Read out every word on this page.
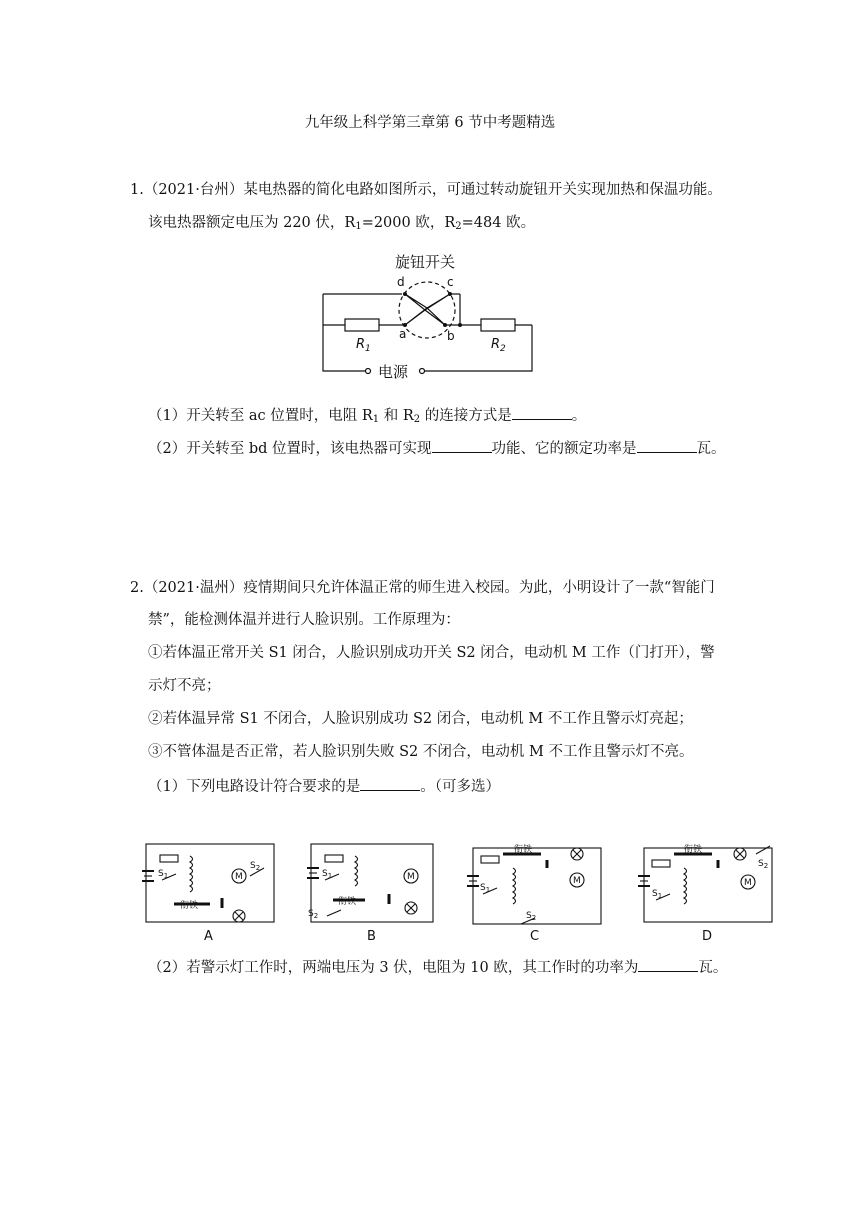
九年级上科学第三章第 6 节中考题精选
1.（2021·台州）某电热器的简化电路如图所示，可通过转动旋钮开关实现加热和保温功能。
该电热器额定电压为 220 伏，$R_1=2000$ 欧，$R_2=484$ 欧。
旋钮开关
d	c
a	b
$R_1$	$R_2$
电源
（1）开关转至 ac 位置时，电阻 $R_1$ 和 $R_2$ 的连接方式是	。
（2）开关转至 bd 位置时，该电热器可实现	功能、它的额定功率是	瓦。
2.（2021·温州）疫情期间只允许体温正常的师生进入校园。为此，小明设计了一款“智能门
禁”，能检测体温并进行人脸识别。工作原理为：
①若体温正常开关 S1 闭合，人脸识别成功开关 S2 闭合，电动机 M 工作（门打开），警
示灯不亮；
②若体温异常 S1 不闭合，人脸识别成功 S2 闭合，电动机 M 不工作且警示灯亮起；
③不管体温是否正常，若人脸识别失败 S2 不闭合，电动机 M 不工作且警示灯不亮。
（1）下列电路设计符合要求的是	。（可多选）
衔铁	衔铁
衔铁	衔铁
M	M	M	M
$S_2$
$S_2$	$S_2$
$S_2$
$S_1$	$S_1$
$S_1$	$S_1$
A	B	C	D
（2）若警示灯工作时，两端电压为 3 伏，电阻为 10 欧，其工作时的功率为	瓦。
